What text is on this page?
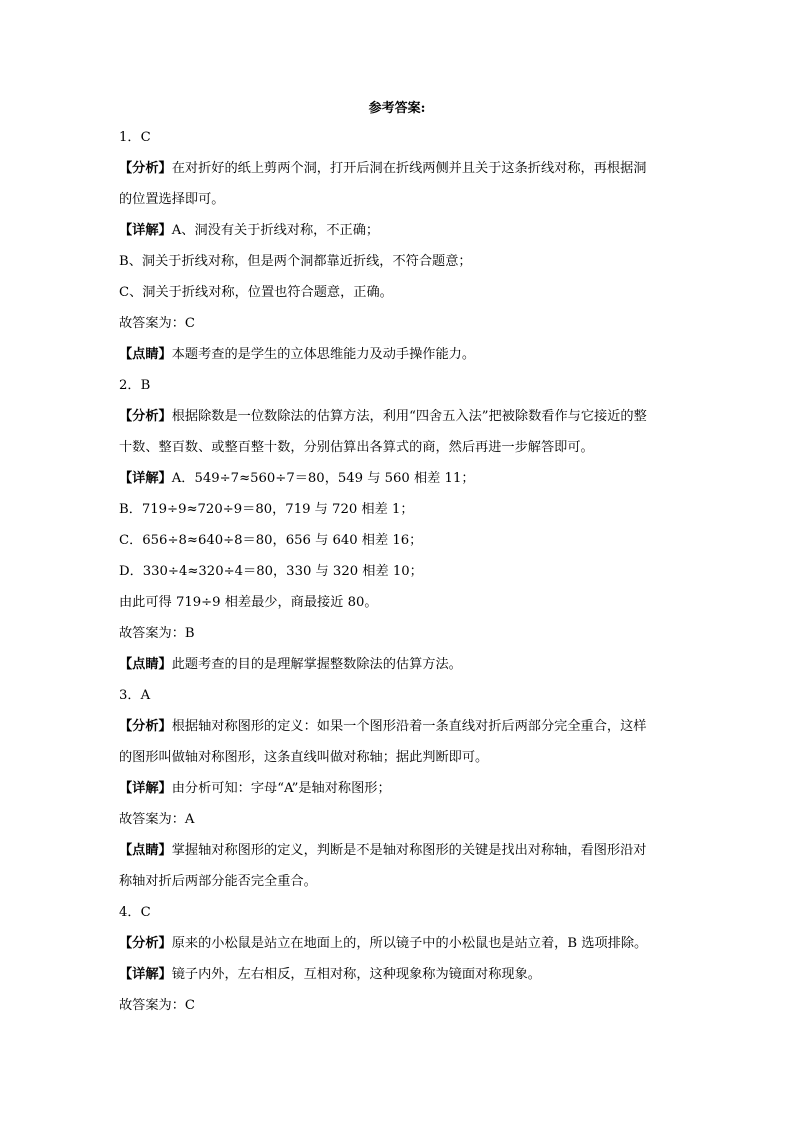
参考答案:
1．C
【分析】在对折好的纸上剪两个洞，打开后洞在折线两侧并且关于这条折线对称，再根据洞
的位置选择即可。
【详解】A、洞没有关于折线对称，不正确；
B、洞关于折线对称，但是两个洞都靠近折线，不符合题意；
C、洞关于折线对称，位置也符合题意，正确。
故答案为：C
【点睛】本题考查的是学生的立体思维能力及动手操作能力。
2．B
【分析】根据除数是一位数除法的估算方法，利用“四舍五入法”把被除数看作与它接近的整
十数、整百数、或整百整十数，分别估算出各算式的商，然后再进一步解答即可。
【详解】A．549÷7≈560÷7＝80，549 与 560 相差 11；
B．719÷9≈720÷9＝80，719 与 720 相差 1；
C．656÷8≈640÷8＝80，656 与 640 相差 16；
D．330÷4≈320÷4＝80，330 与 320 相差 10；
由此可得 719÷9 相差最少，商最接近 80。
故答案为：B
【点睛】此题考查的目的是理解掌握整数除法的估算方法。
3．A
【分析】根据轴对称图形的定义：如果一个图形沿着一条直线对折后两部分完全重合，这样
的图形叫做轴对称图形，这条直线叫做对称轴；据此判断即可。
【详解】由分析可知：字母“A”是轴对称图形；
故答案为：A
【点睛】掌握轴对称图形的定义，判断是不是轴对称图形的关键是找出对称轴，看图形沿对
称轴对折后两部分能否完全重合。
4．C
【分析】原来的小松鼠是站立在地面上的，所以镜子中的小松鼠也是站立着，B 选项排除。
【详解】镜子内外，左右相反，互相对称，这种现象称为镜面对称现象。
故答案为：C
